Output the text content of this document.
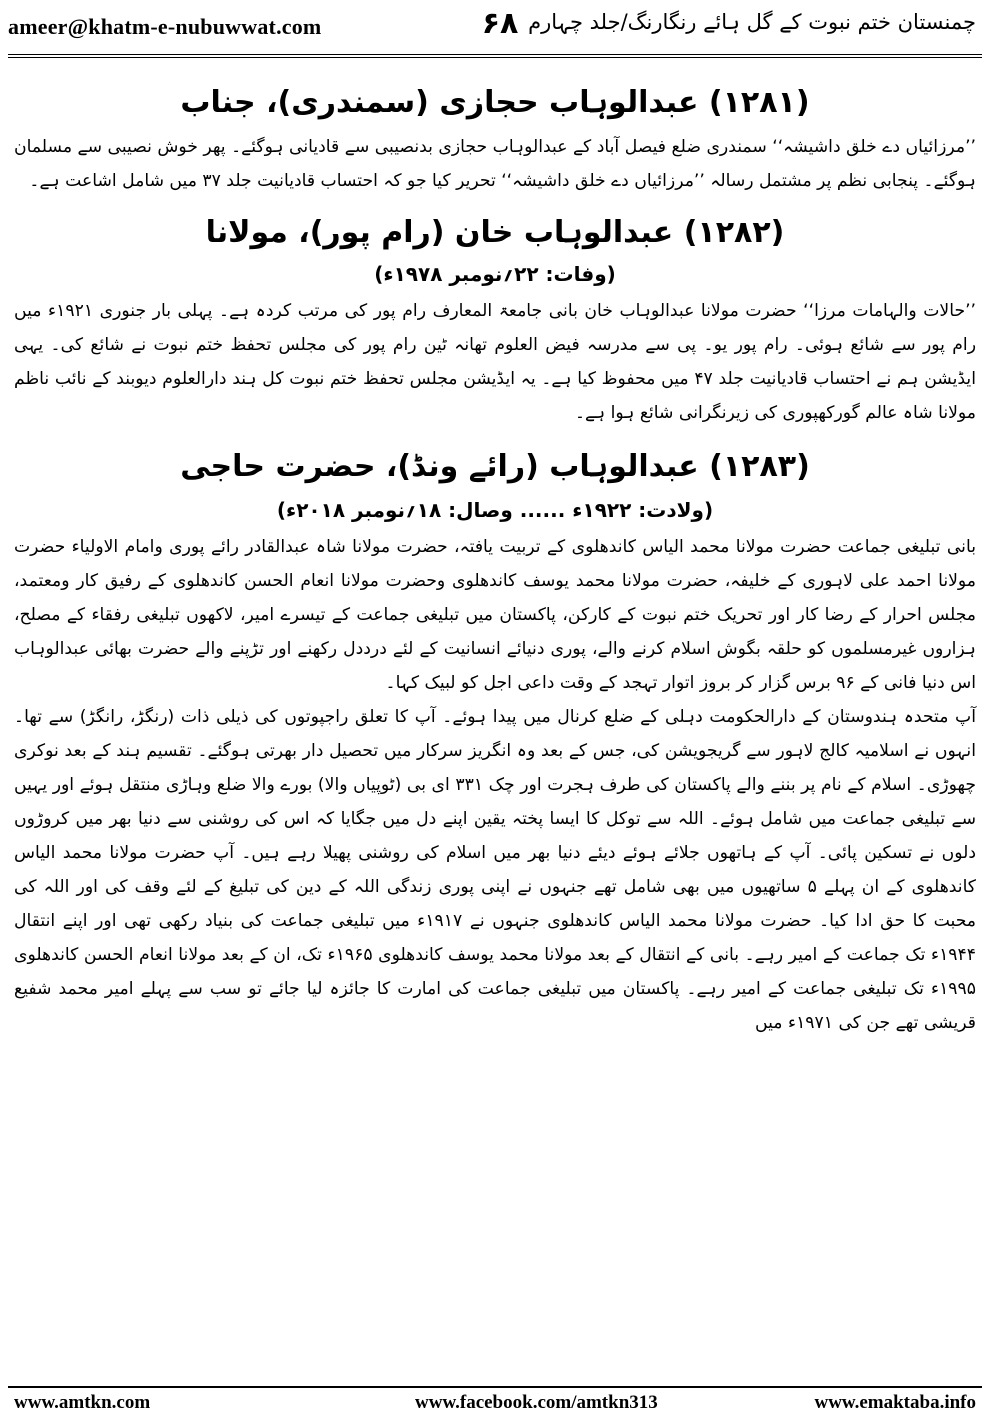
ameer@khatm-e-nubuwwat.com	۶۸ چمنستان ختم نبوت کے گل ہائے رنگارنگ/جلد چہارم
(۱۲۸۱) عبدالوہاب حجازی (سمندری)، جناب

’’مرزائیاں دے خلق داشیشہ‘‘ سمندری ضلع فیصل آباد کے عبدالوہاب حجازی بدنصیبی سے قادیانی ہوگئے۔ پھر خوش نصیبی سے مسلمان ہوگئے۔ پنجابی نظم پر مشتمل رسالہ ’’مرزائیاں دے خلق داشیشہ‘‘ تحریر کیا جو کہ احتساب قادیانیت جلد ۳۷ میں شامل اشاعت ہے۔

(۱۲۸۲) عبدالوہاب خان (رام پور)، مولانا
(وفات: ۲۲؍نومبر ۱۹۷۸ء)

’’حالات والہامات مرزا‘‘ حضرت مولانا عبدالوہاب خان بانی جامعۃ المعارف رام پور کی مرتب کردہ ہے۔ پہلی بار جنوری ۱۹۲۱ء میں رام پور سے شائع ہوئی۔ رام پور یو۔ پی سے مدرسہ فیض العلوم تھانہ ٹین رام پور کی مجلس تحفظ ختم نبوت نے شائع کی۔ یہی ایڈیشن ہم نے احتساب قادیانیت جلد ۴۷ میں محفوظ کیا ہے۔ یہ ایڈیشن مجلس تحفظ ختم نبوت کل ہند دارالعلوم دیوبند کے نائب ناظم مولانا شاہ عالم گورکھپوری کی زیرنگرانی شائع ہوا ہے۔

(۱۲۸۳) عبدالوہاب (رائے ونڈ)، حضرت حاجی
(ولادت: ۱۹۲۲ء ...... وصال: ۱۸؍نومبر ۲۰۱۸ء)

بانی تبلیغی جماعت حضرت مولانا محمد الیاس کاندھلوی کے تربیت یافتہ، حضرت مولانا شاہ عبدالقادر رائے پوری وامام الاولیاء حضرت مولانا احمد علی لاہوری کے خلیفہ، حضرت مولانا محمد یوسف کاندھلوی وحضرت مولانا انعام الحسن کاندھلوی کے رفیق کار ومعتمد، مجلس احرار کے رضا کار اور تحریک ختم نبوت کے کارکن، پاکستان میں تبلیغی جماعت کے تیسرے امیر، لاکھوں تبلیغی رفقاء کے مصلح، ہزاروں غیرمسلموں کو حلقہ بگوش اسلام کرنے والے، پوری دنیائے انسانیت کے لئے درددل رکھنے اور تڑپنے والے حضرت بھائی عبدالوہاب اس دنیا فانی کے ۹۶ برس گزار کر بروز اتوار تہجد کے وقت داعی اجل کو لبیک کہا۔

آپ متحدہ ہندوستان کے دارالحکومت دہلی کے ضلع کرنال میں پیدا ہوئے۔ آپ کا تعلق راجپوتوں کی ذیلی ذات (رنگڑ، رانگڑ) سے تھا۔ انہوں نے اسلامیہ کالج لاہور سے گریجویشن کی، جس کے بعد وہ انگریز سرکار میں تحصیل دار بھرتی ہوگئے۔ تقسیم ہند کے بعد نوکری چھوڑی۔ اسلام کے نام پر بننے والے پاکستان کی طرف ہجرت اور چک ۳۳۱ ای بی (ٹوپیاں والا) بورے والا ضلع وہاڑی منتقل ہوئے اور یہیں سے تبلیغی جماعت میں شامل ہوئے۔ اللہ سے توکل کا ایسا پختہ یقین اپنے دل میں جگایا کہ اس کی روشنی سے دنیا بھر میں کروڑوں دلوں نے تسکین پائی۔ آپ کے ہاتھوں جلائے ہوئے دیئے دنیا بھر میں اسلام کی روشنی پھیلا رہے ہیں۔ آپ حضرت مولانا محمد الیاس کاندھلوی کے ان پہلے ۵ ساتھیوں میں بھی شامل تھے جنہوں نے اپنی پوری زندگی اللہ کے دین کی تبلیغ کے لئے وقف کی اور اللہ کی محبت کا حق ادا کیا۔ حضرت مولانا محمد الیاس کاندھلوی جنہوں نے ۱۹۱۷ء میں تبلیغی جماعت کی بنیاد رکھی تھی اور اپنے انتقال ۱۹۴۴ء تک جماعت کے امیر رہے۔ بانی کے انتقال کے بعد مولانا محمد یوسف کاندھلوی ۱۹۶۵ء تک، ان کے بعد مولانا انعام الحسن کاندھلوی ۱۹۹۵ء تک تبلیغی جماعت کے امیر رہے۔ پاکستان میں تبلیغی جماعت کی امارت کا جائزہ لیا جائے تو سب سے پہلے امیر محمد شفیع قریشی تھے جن کی ۱۹۷۱ء میں

www.amtkn.com	www.facebook.com/amtkn313	www.emaktaba.info
